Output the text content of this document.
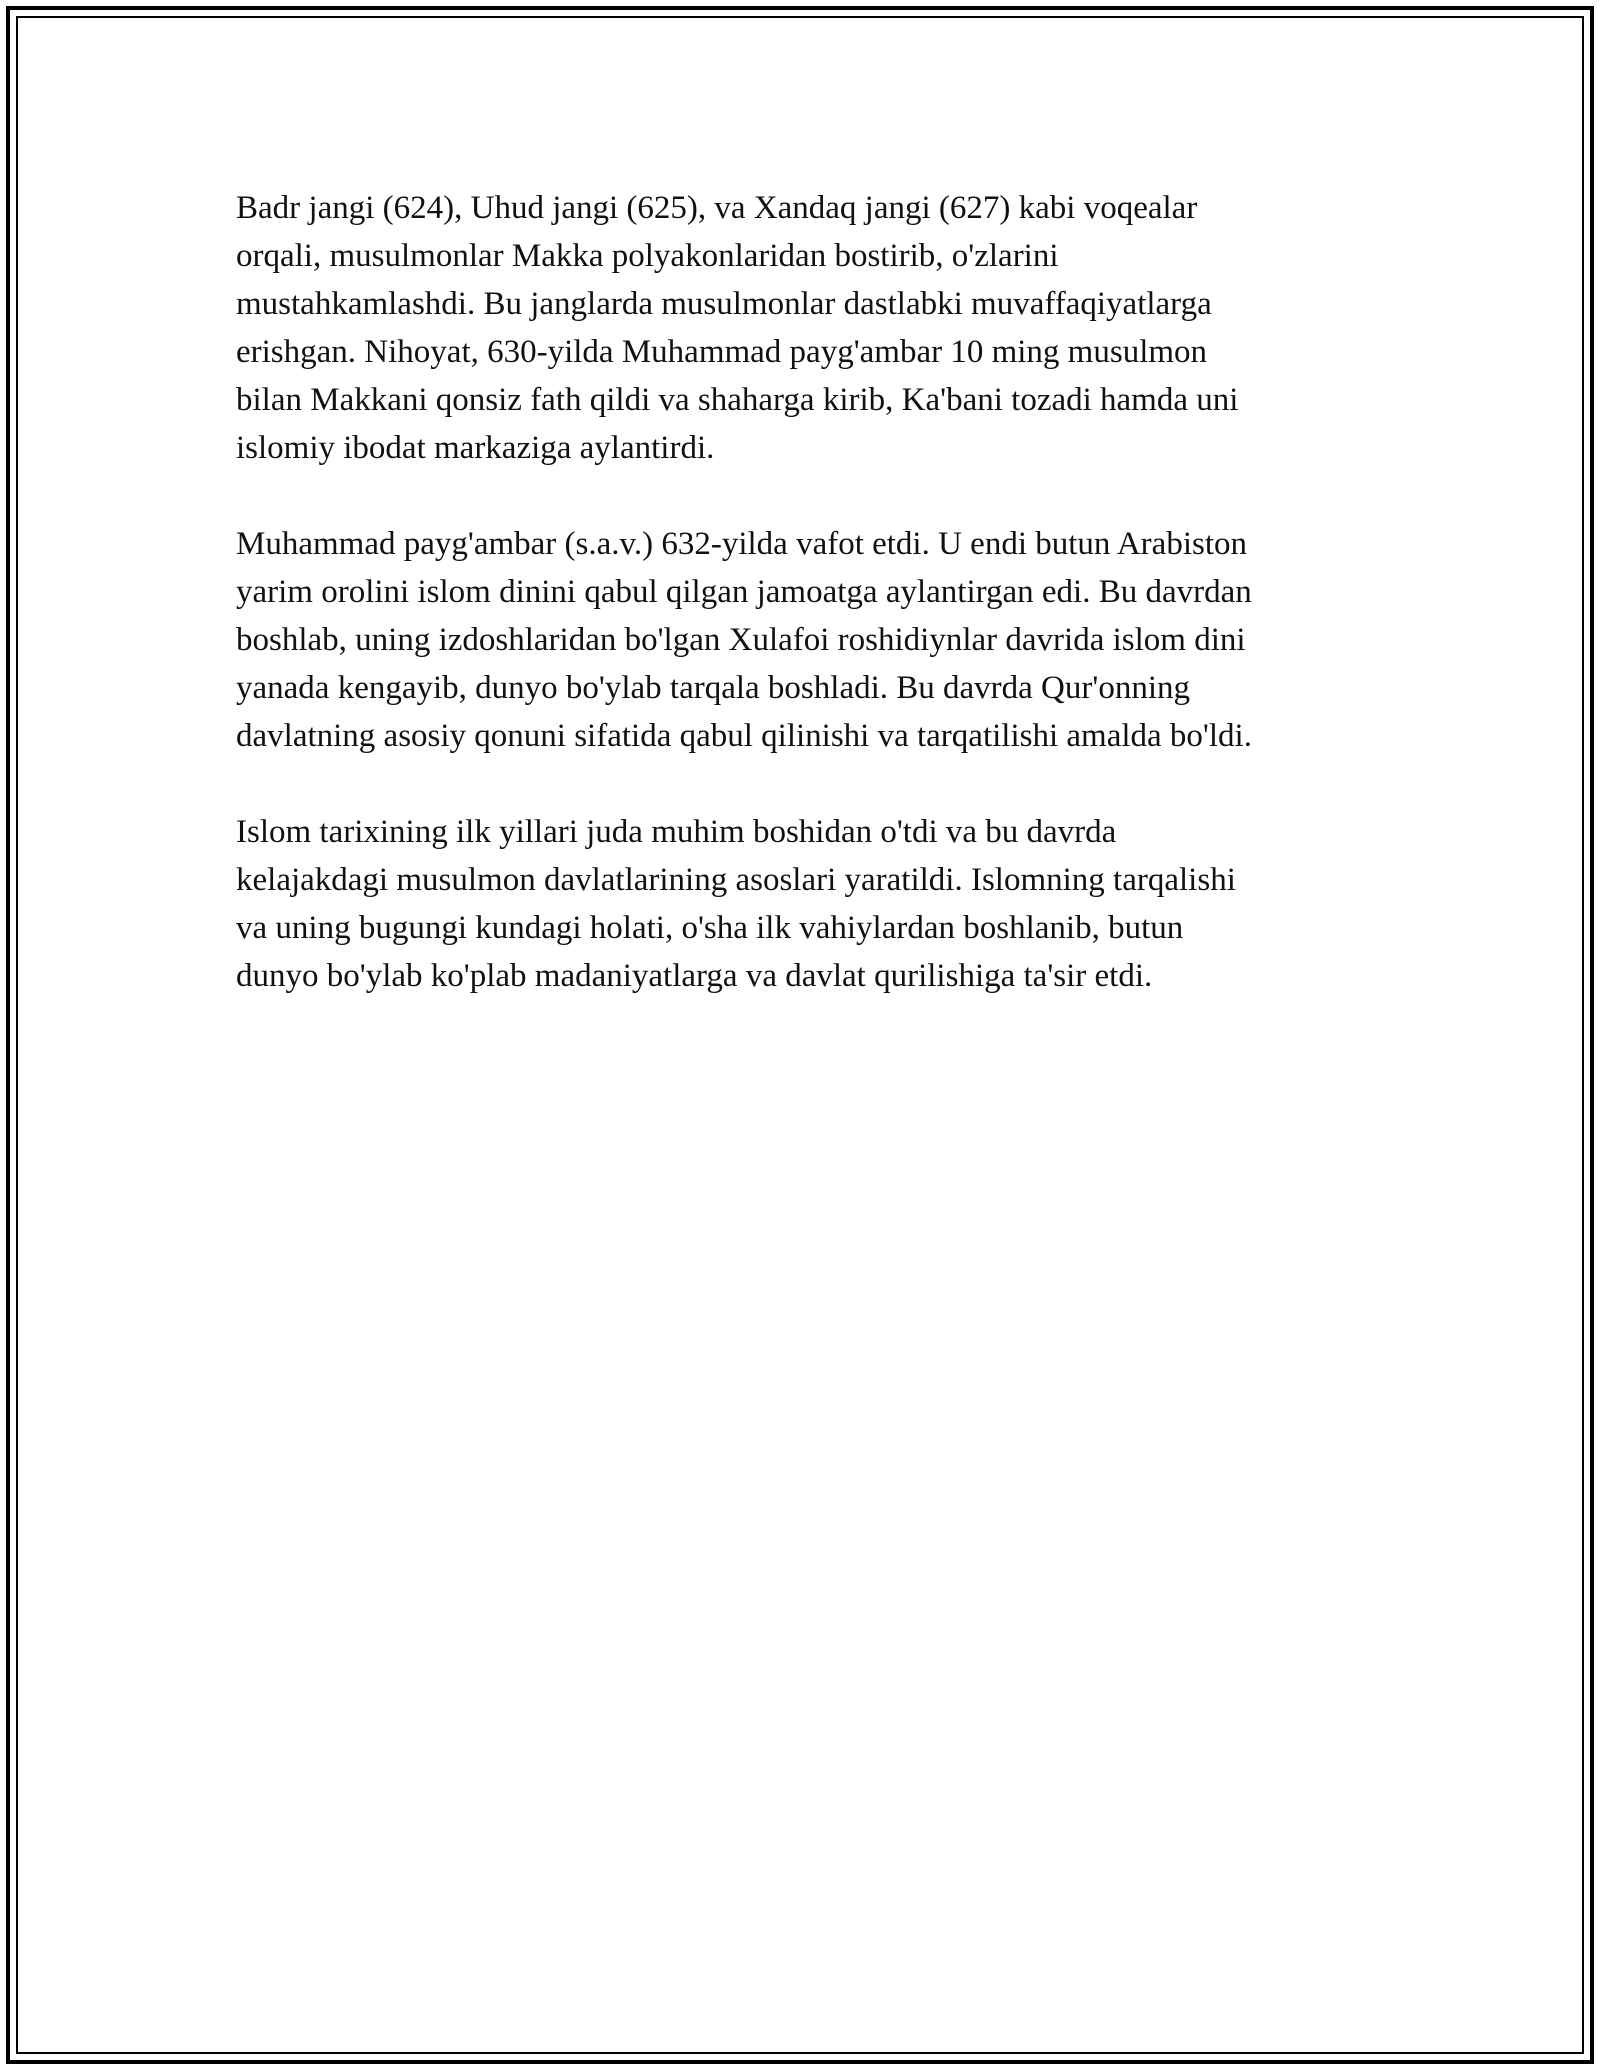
Badr jangi (624), Uhud jangi (625), va Xandaq jangi (627) kabi voqealar
orqali, musulmonlar Makka polyakonlaridan bostirib, o'zlarini
mustahkamlashdi. Bu janglarda musulmonlar dastlabki muvaffaqiyatlarga
erishgan. Nihoyat, 630-yilda Muhammad payg'ambar 10 ming musulmon
bilan Makkani qonsiz fath qildi va shaharga kirib, Ka'bani tozadi hamda uni
islomiy ibodat markaziga aylantirdi.

Muhammad payg'ambar (s.a.v.) 632-yilda vafot etdi. U endi butun Arabiston
yarim orolini islom dinini qabul qilgan jamoatga aylantirgan edi. Bu davrdan
boshlab, uning izdoshlaridan bo'lgan Xulafoi roshidiynlar davrida islom dini
yanada kengayib, dunyo bo'ylab tarqala boshladi. Bu davrda Qur'onning
davlatning asosiy qonuni sifatida qabul qilinishi va tarqatilishi amalda bo'ldi.

Islom tarixining ilk yillari juda muhim boshidan o'tdi va bu davrda
kelajakdagi musulmon davlatlarining asoslari yaratildi. Islomning tarqalishi
va uning bugungi kundagi holati, o'sha ilk vahiylardan boshlanib, butun
dunyo bo'ylab ko'plab madaniyatlarga va davlat qurilishiga ta'sir etdi.
